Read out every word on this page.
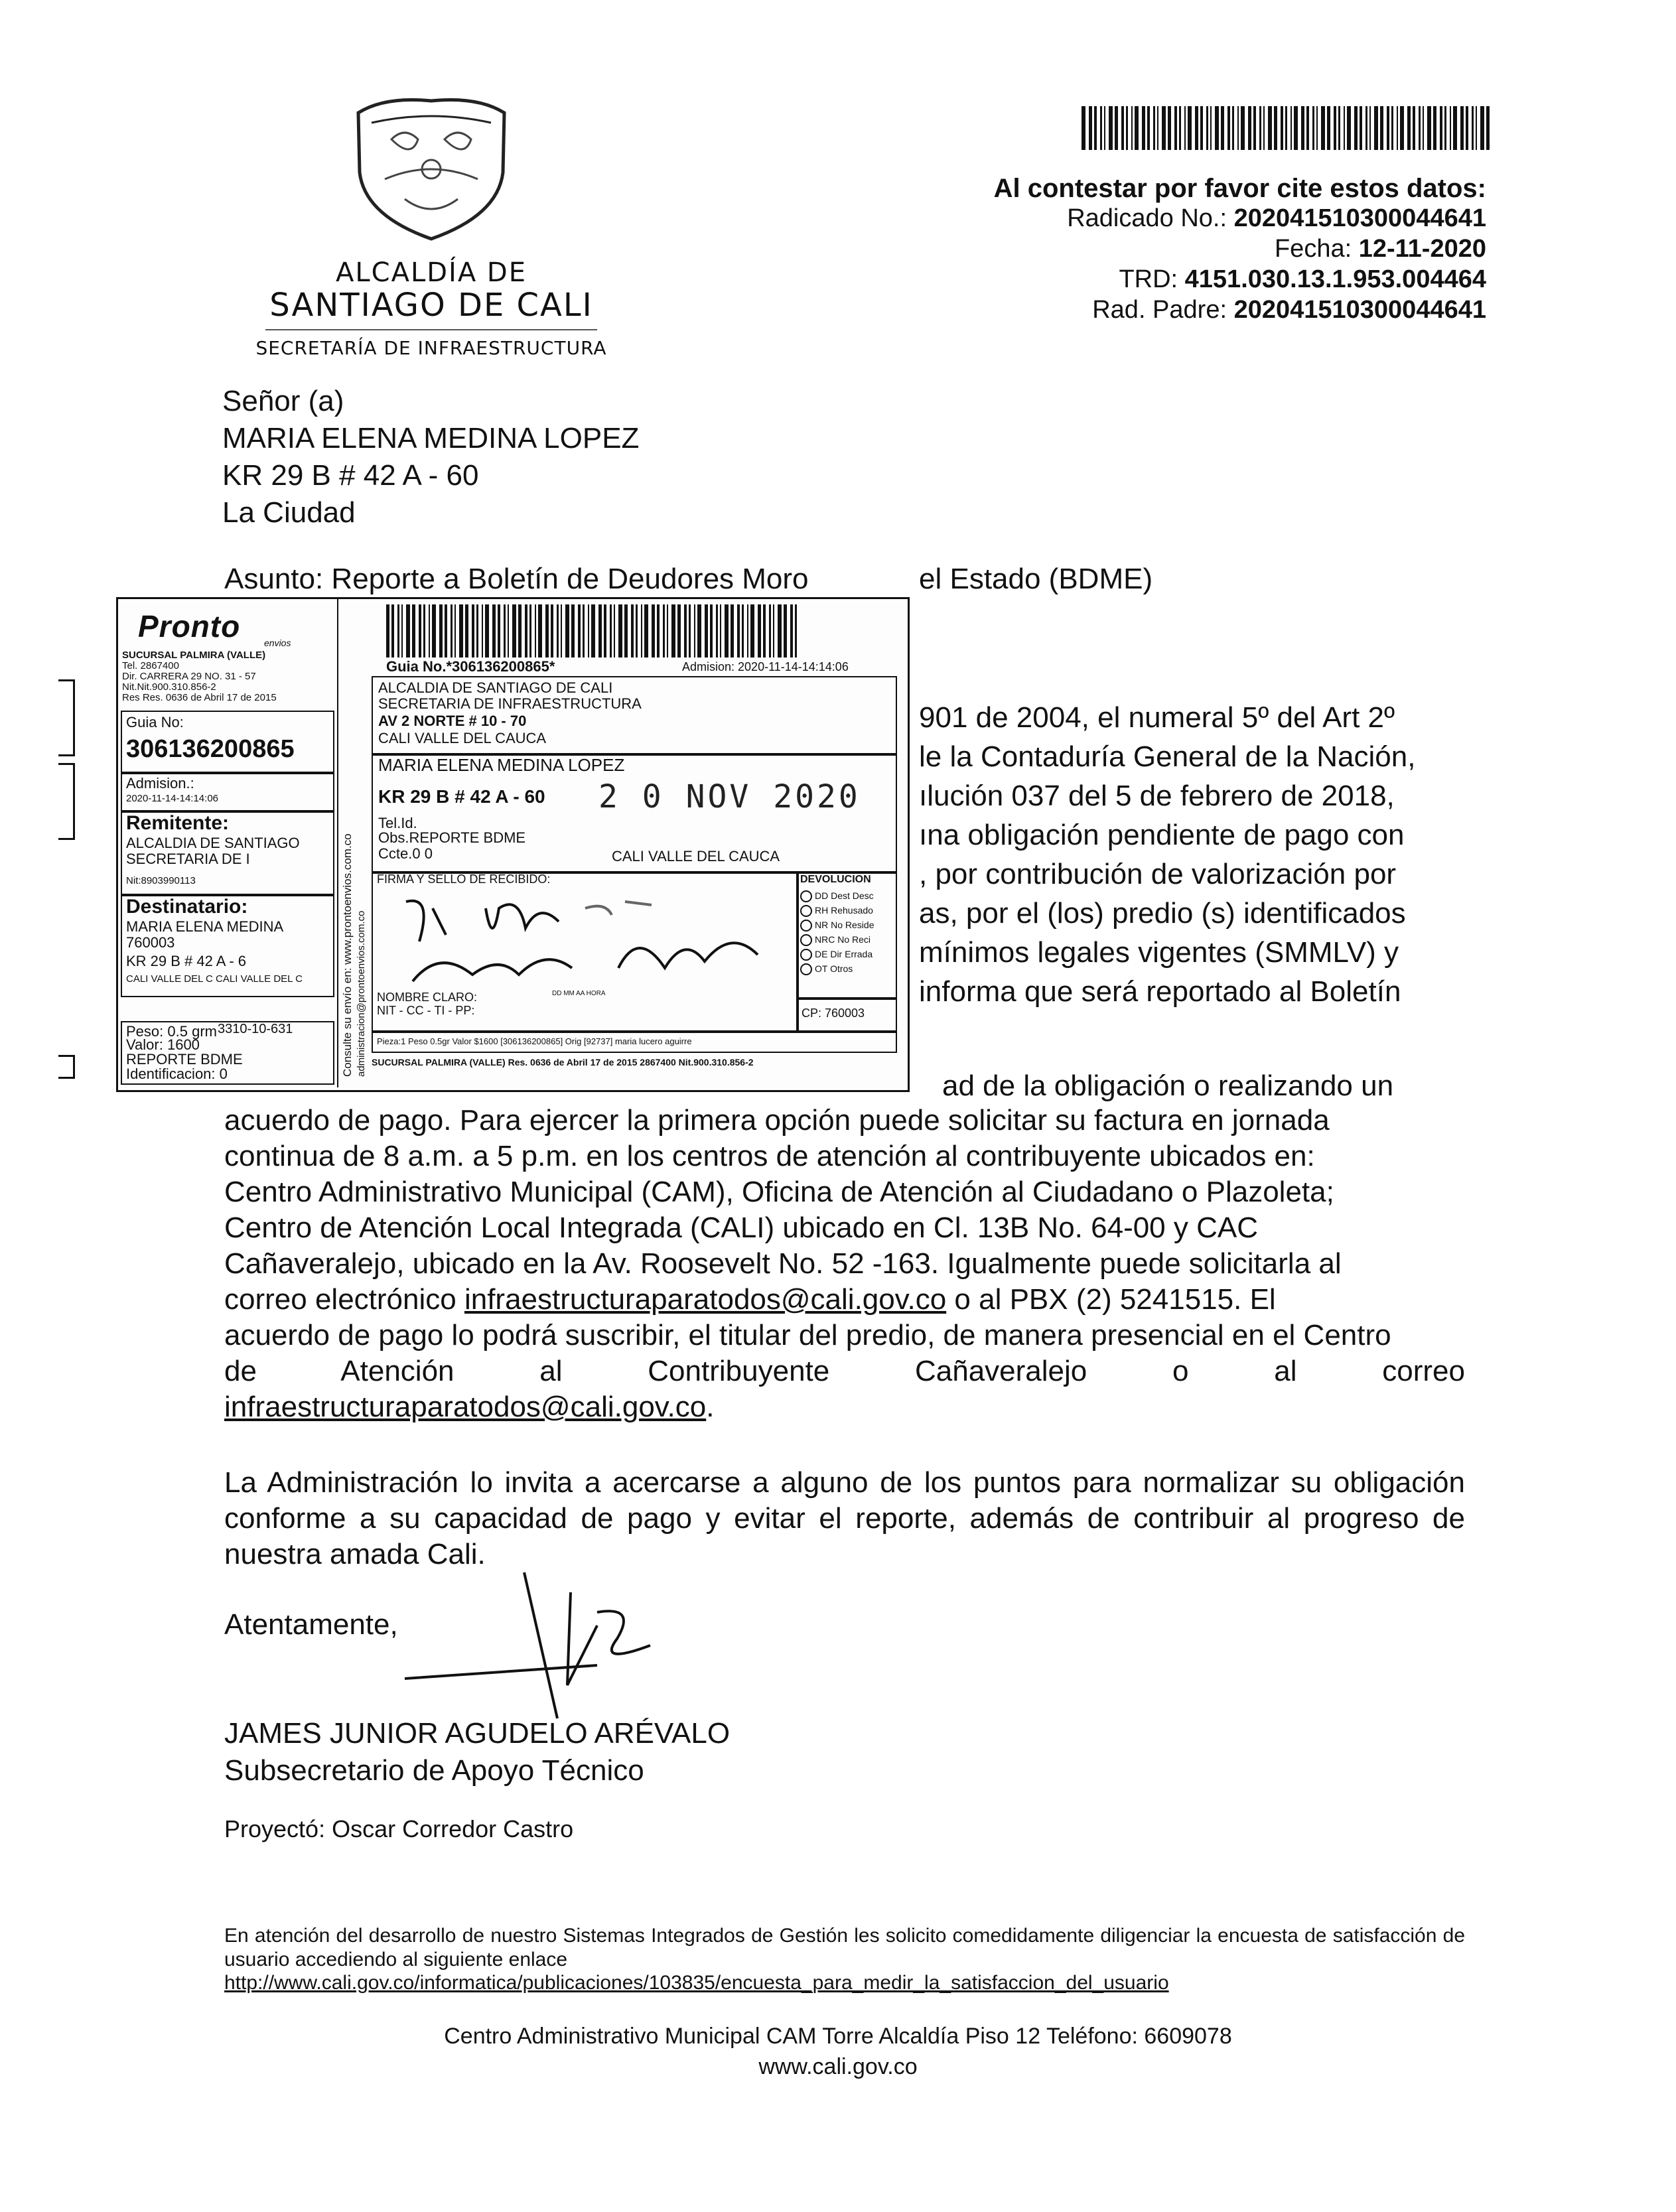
ALCALDÍA DE
SANTIAGO DE CALI
SECRETARÍA DE INFRAESTRUCTURA
Al contestar por favor cite estos datos:
Radicado No.: 202041510300044641
Fecha: 12-11-2020
TRD: 4151.030.13.1.953.004464
Rad. Padre: 202041510300044641
Señor (a)
MARIA ELENA MEDINA LOPEZ
KR 29 B # 42 A - 60
La Ciudad
Asunto: Reporte a Boletín de Deudores Moro	el Estado (BDME)
901 de 2004, el numeral 5º del Art 2º
le la Contaduría General de la Nación,
ılución 037 del 5 de febrero de 2018,
ına obligación pendiente de pago con
, por contribución de valorización por
as, por el (los) predio (s) identificados
mínimos legales vigentes (SMMLV) y
informa que será reportado al Boletín
ad de la obligación o realizando un
acuerdo de pago. Para ejercer la primera opción puede solicitar su factura en jornada
continua de 8 a.m. a 5 p.m. en los centros de atención al contribuyente ubicados en:
Centro Administrativo Municipal (CAM), Oficina de Atención al Ciudadano o Plazoleta;
Centro de Atención Local Integrada (CALI) ubicado en Cl. 13B No. 64-00 y CAC
Cañaveralejo, ubicado en la Av. Roosevelt No. 52 -163. Igualmente puede solicitarla al
correo electrónico infraestructuraparatodos@cali.gov.co o al PBX (2) 5241515. El
acuerdo de pago lo podrá suscribir, el titular del predio, de manera presencial en el Centro
de Atención al Contribuyente Cañaveralejo o al correo
infraestructuraparatodos@cali.gov.co.
La Administración lo invita a acercarse a alguno de los puntos para normalizar su obligación conforme a su capacidad de pago y evitar el reporte, además de contribuir al progreso de nuestra amada Cali.
Atentamente,
JAMES JUNIOR AGUDELO ARÉVALO
Subsecretario de Apoyo Técnico
Proyectó: Oscar Corredor Castro
En atención del desarrollo de nuestro Sistemas Integrados de Gestión les solicito comedidamente diligenciar la encuesta de satisfacción de usuario accediendo al siguiente enlace
http://www.cali.gov.co/informatica/publicaciones/103835/encuesta_para_medir_la_satisfaccion_del_usuario
Centro Administrativo Municipal CAM Torre Alcaldía Piso 12 Teléfono: 6609078
www.cali.gov.co
Pronto	envios
SUCURSAL PALMIRA (VALLE)
Tel. 2867400
Dir. CARRERA 29 NO. 31 - 57
Nit.Nit.900.310.856-2
Res Res. 0636 de Abril 17 de 2015
Guia No:
306136200865
Admision.:
2020-11-14-14:14:06
Remitente:
ALCALDIA DE SANTIAGO
SECRETARIA DE I
Nit:8903990113
Destinatario:
MARIA ELENA MEDINA
760003
KR 29 B # 42 A - 6
CALI VALLE DEL C CALI VALLE DEL C
Peso: 0.5 grm
Valor: 1600
REPORTE BDME
Identificacion: 0
3310-10-631
Guia No.*306136200865*	Admision: 2020-11-14-14:14:06
ALCALDIA DE SANTIAGO DE CALI
SECRETARIA DE INFRAESTRUCTURA
AV 2 NORTE # 10 - 70
CALI VALLE DEL CAUCA
MARIA ELENA MEDINA LOPEZ
KR 29 B # 42 A - 60 2 0 NOV 2020
Tel.Id.
Obs.REPORTE BDME
Ccte.0 0	CALI VALLE DEL CAUCA
FIRMA Y SELLO DE RECIBIDO:
NOMBRE CLARO:
NIT - CC - TI - PP:
DD MM AA HORA
DEVOLUCION
DD Dest Desc
RH Rehusado
NR No Reside
NRC No Reci
DE Dir Errada
OT Otros
CP: 760003
Pieza:1 Peso 0.5gr Valor $1600 [306136200865] Orig [92737] maria lucero aguirre
SUCURSAL PALMIRA (VALLE) Res. 0636 de Abril 17 de 2015 2867400 Nit.900.310.856-2
Consulte su envío en: www.prontoenvios.com.co administracion@prontoenvios.com.co
